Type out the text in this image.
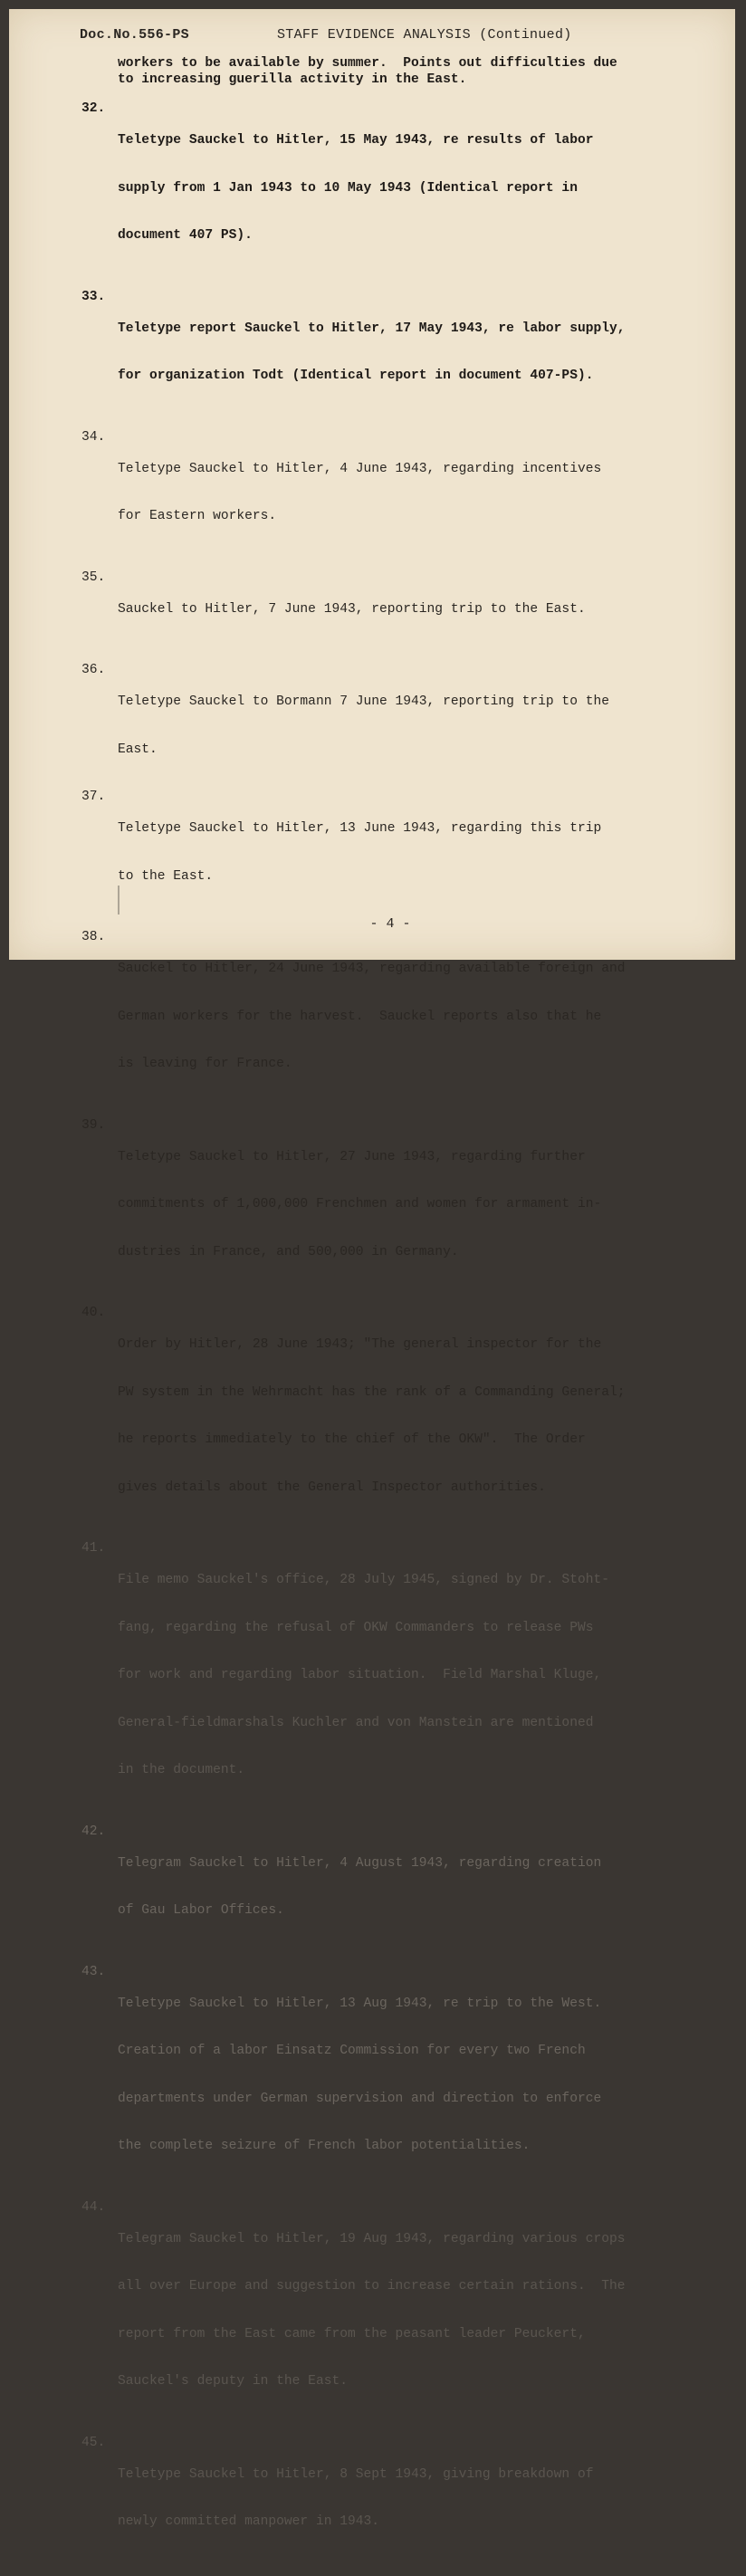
Doc.No.556-PS	STAFF EVIDENCE ANALYSIS (Continued)
workers to be available by summer.  Points out difficulties due
to increasing guerilla activity in the East.
32.

Teletype Sauckel to Hitler, 15 May 1943, re results of labor

supply from 1 Jan 1943 to 10 May 1943 (Identical report in

document 407 PS).

33.

Teletype report Sauckel to Hitler, 17 May 1943, re labor supply,

for organization Todt (Identical report in document 407-PS).

34.

Teletype Sauckel to Hitler, 4 June 1943, regarding incentives

for Eastern workers.

35.

Sauckel to Hitler, 7 June 1943, reporting trip to the East.

36.

Teletype Sauckel to Bormann 7 June 1943, reporting trip to the

East.

37.

Teletype Sauckel to Hitler, 13 June 1943, regarding this trip

to the East.

38.

Sauckel to Hitler, 24 June 1943, regarding available foreign and

German workers for the harvest.  Sauckel reports also that he

is leaving for France.

39.

Teletype Sauckel to Hitler, 27 June 1943, regarding further

commitments of 1,000,000 Frenchmen and women for armament in-

dustries in France, and 500,000 in Germany.

40.

Order by Hitler, 28 June 1943; "The general inspector for the

PW system in the Wehrmacht has the rank of a Commanding General;

he reports immediately to the chief of the OKW".  The Order

gives details about the General Inspector authorities.

41.

File memo Sauckel's office, 28 July 1945, signed by Dr. Stoht-

fang, regarding the refusal of OKW Commanders to release PWs

for work and regarding labor situation.  Field Marshal Kluge,

General-fieldmarshals Kuchler and von Manstein are mentioned

in the document.

42.

Telegram Sauckel to Hitler, 4 August 1943, regarding creation

of Gau Labor Offices.

43.

Teletype Sauckel to Hitler, 13 Aug 1943, re trip to the West.

Creation of a labor Einsatz Commission for every two French

departments under German supervision and direction to enforce

the complete seizure of French labor potentialities.

44.

Telegram Sauckel to Hitler, 19 Aug 1943, regarding various crops

all over Europe and suggestion to increase certain rations.  The

report from the East came from the peasant leader Peuckert,

Sauckel's deputy in the East.

45.

Teletype Sauckel to Hitler, 8 Sept 1943, giving breakdown of

newly committed manpower in 1943.

- 4 -
